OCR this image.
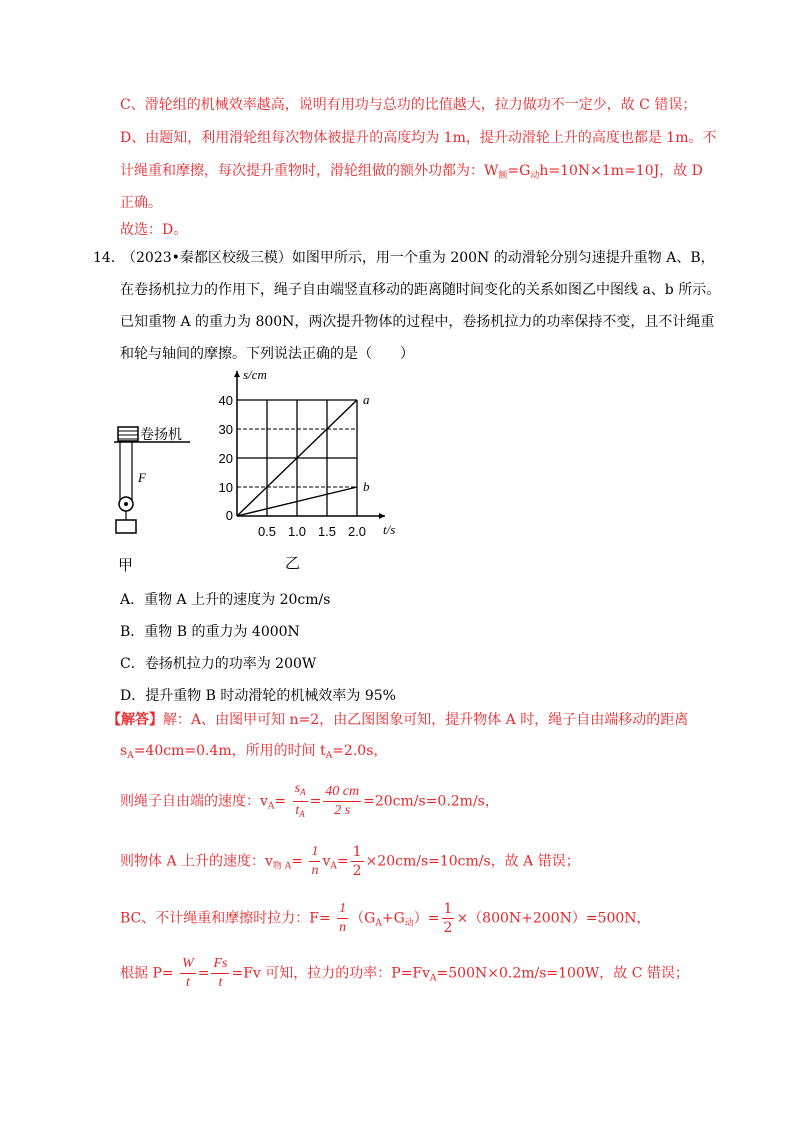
C、滑轮组的机械效率越高，说明有用功与总功的比值越大，拉力做功不一定少，故 C 错误；
D、由题知，利用滑轮组每次物体被提升的高度均为 1m，提升动滑轮上升的高度也都是 1m。不
计绳重和摩擦，每次提升重物时，滑轮组做的额外功都为：$W_额=G_动h=10N\times 1m=10J$，故 D
正确。
故选：D。
14．
（2023•秦都区校级三模）如图甲所示，用一个重为 200N 的动滑轮分别匀速提升重物 A、B，
在卷扬机拉力的作用下，绳子自由端竖直移动的距离随时间变化的关系如图乙中图线 a、b 所示。
已知重物 A 的重力为 800N，两次提升物体的过程中，卷扬机拉力的功率保持不变，且不计绳重
和轮与轴间的摩擦。下列说法正确的是（　　）
卷扬机
F
甲
0.5 1.0 1.5 2.0
10
20
30
40	a
b
s/cm
t/s
0
乙
A．重物 A 上升的速度为 20cm/s
B．重物 B 的重力为 4000N
C．卷扬机拉力的功率为 200W
D．提升重物 B 时动滑轮的机械效率为 95%
【解答】解：A、由图甲可知 n=2，由乙图图象可知，提升物体 A 时，绳子自由端移动的距离
$s_A=40cm=0.4m$，所用的时间 $t_A=2.0s$，
则绳子自由端的速度：$v_A= \frac{s_A}{t_A} = \frac{40 cm}{2 s} =20cm/s=0.2m/s$，
则物体 A 上升的速度：$v_{物 A}= \frac{1}{n} v_A= \frac{1}{2} \times 20cm/s=10cm/s$，故 A 错误；
BC、不计绳重和摩擦时拉力：$F= \frac{1}{n} (G_A+G_动)= \frac{1}{2} \times(800N+200N)=500N$，
根据 $P= \frac{W}{t} = \frac{Fs}{t} =Fv$ 可知，拉力的功率：$P=Fv_A=500N\times 0.2m/s=100W$，故 C 错误；
